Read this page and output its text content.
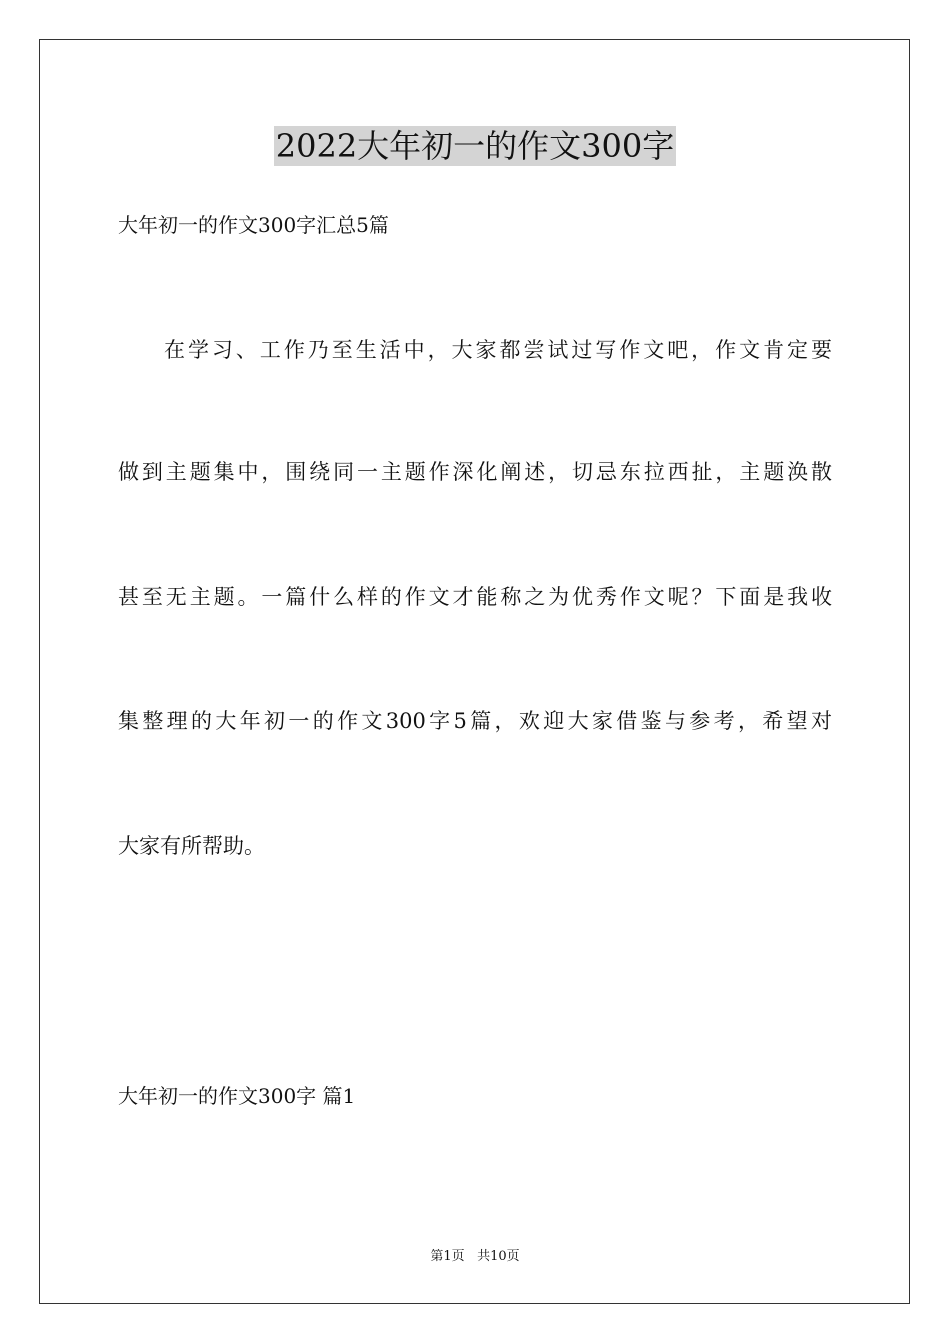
2022大年初一的作文300字
大年初一的作文300字汇总5篇
在学习、工作乃至生活中，大家都尝试过写作文吧，作文肯定要
做到主题集中，围绕同一主题作深化阐述，切忌东拉西扯，主题涣散
甚至无主题。一篇什么样的作文才能称之为优秀作文呢？下面是我收
集整理的大年初一的作文300字5篇，欢迎大家借鉴与参考，希望对
大家有所帮助。
大年初一的作文300字 篇1
第1页 共10页
